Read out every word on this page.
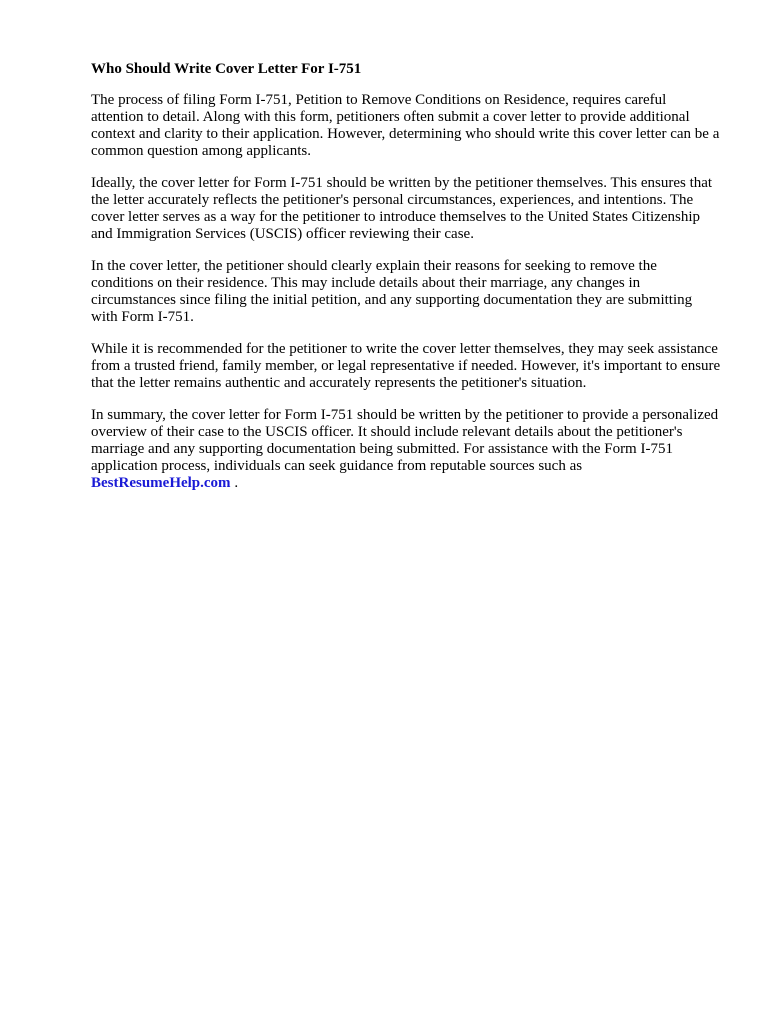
Who Should Write Cover Letter For I-751

The process of filing Form I-751, Petition to Remove Conditions on Residence, requires careful attention to detail. Along with this form, petitioners often submit a cover letter to provide additional context and clarity to their application. However, determining who should write this cover letter can be a common question among applicants.

Ideally, the cover letter for Form I-751 should be written by the petitioner themselves. This ensures that the letter accurately reflects the petitioner's personal circumstances, experiences, and intentions. The cover letter serves as a way for the petitioner to introduce themselves to the United States Citizenship and Immigration Services (USCIS) officer reviewing their case.

In the cover letter, the petitioner should clearly explain their reasons for seeking to remove the conditions on their residence. This may include details about their marriage, any changes in circumstances since filing the initial petition, and any supporting documentation they are submitting with Form I-751.

While it is recommended for the petitioner to write the cover letter themselves, they may seek assistance from a trusted friend, family member, or legal representative if needed. However, it's important to ensure that the letter remains authentic and accurately represents the petitioner's situation.

In summary, the cover letter for Form I-751 should be written by the petitioner to provide a personalized overview of their case to the USCIS officer. It should include relevant details about the petitioner's marriage and any supporting documentation being submitted. For assistance with the Form I-751 application process, individuals can seek guidance from reputable sources such as BestResumeHelp.com .
